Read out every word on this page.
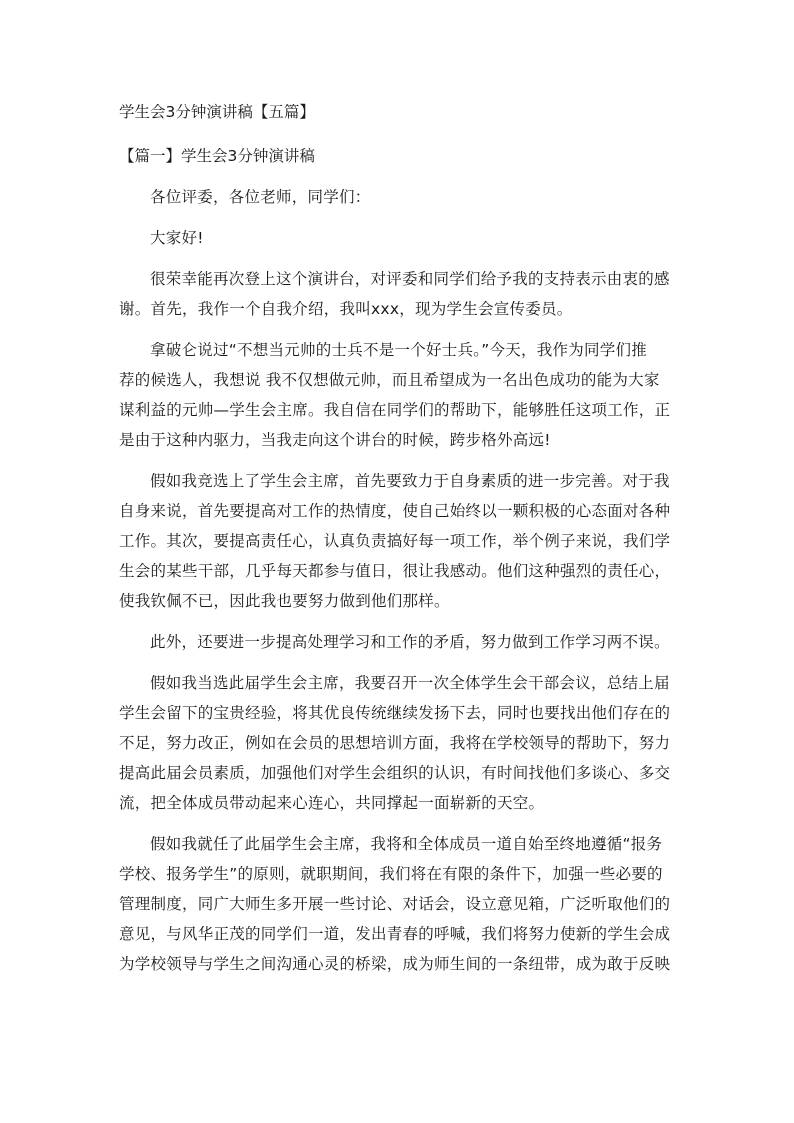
学生会3分钟演讲稿【五篇】
【篇一】学生会3分钟演讲稿

各位评委，各位老师，同学们：

大家好!

很荣幸能再次登上这个演讲台，对评委和同学们给予我的支持表示由衷的感
谢。首先，我作一个自我介绍，我叫xxx，现为学生会宣传委员。

拿破仑说过“不想当元帅的士兵不是一个好士兵。”今天，我作为同学们推
荐的候选人，我想说 我不仅想做元帅，而且希望成为一名出色成功的能为大家
谋利益的元帅—学生会主席。我自信在同学们的帮助下，能够胜任这项工作，正
是由于这种内驱力，当我走向这个讲台的时候，跨步格外高远!

假如我竞选上了学生会主席，首先要致力于自身素质的进一步完善。对于我
自身来说，首先要提高对工作的热情度，使自己始终以一颗积极的心态面对各种
工作。其次，要提高责任心，认真负责搞好每一项工作，举个例子来说，我们学
生会的某些干部，几乎每天都参与值日，很让我感动。他们这种强烈的责任心，
使我钦佩不已，因此我也要努力做到他们那样。

此外，还要进一步提高处理学习和工作的矛盾，努力做到工作学习两不误。

假如我当选此届学生会主席，我要召开一次全体学生会干部会议，总结上届
学生会留下的宝贵经验，将其优良传统继续发扬下去，同时也要找出他们存在的
不足，努力改正，例如在会员的思想培训方面，我将在学校领导的帮助下，努力
提高此届会员素质，加强他们对学生会组织的认识，有时间找他们多谈心、多交
流，把全体成员带动起来心连心，共同撑起一面崭新的天空。

假如我就任了此届学生会主席，我将和全体成员一道自始至终地遵循“报务
学校、报务学生”的原则，就职期间，我们将在有限的条件下，加强一些必要的
管理制度，同广大师生多开展一些讨论、对话会，设立意见箱，广泛听取他们的
意见，与风华正茂的同学们一道，发出青春的呼喊，我们将努力使新的学生会成
为学校领导与学生之间沟通心灵的桥梁，成为师生间的一条纽带，成为敢于反映
